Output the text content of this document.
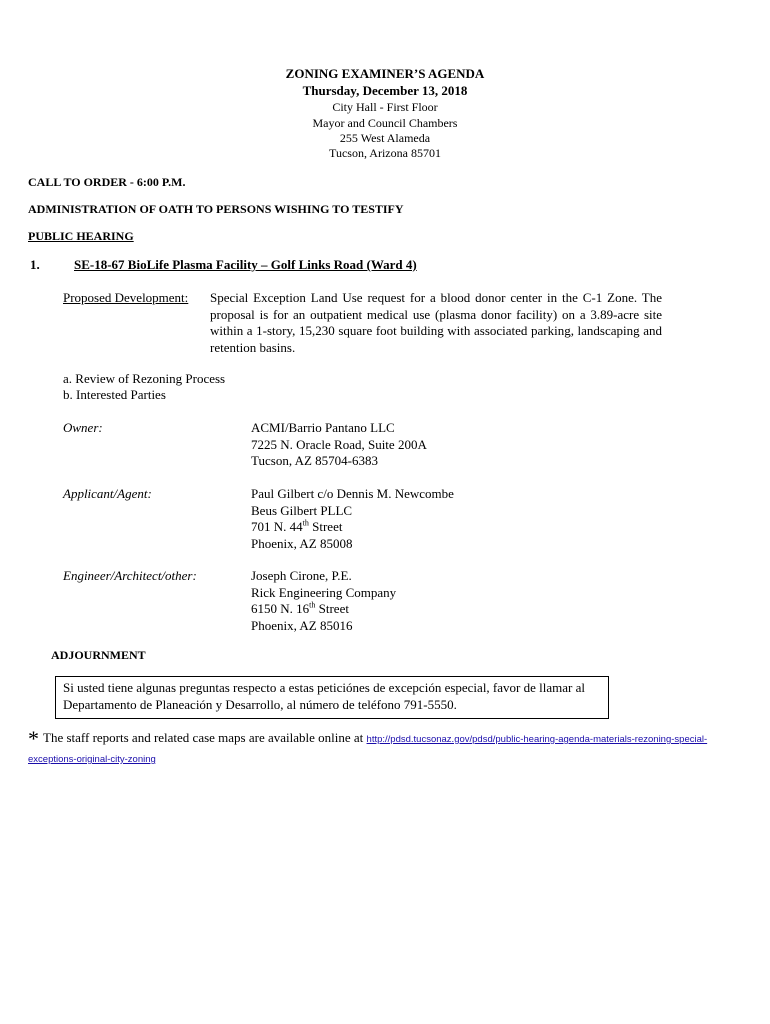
ZONING EXAMINER’S AGENDA
Thursday, December 13, 2018
City Hall - First Floor
Mayor and Council Chambers
255 West Alameda
Tucson, Arizona 85701
CALL TO ORDER - 6:00 P.M.
ADMINISTRATION OF OATH TO PERSONS WISHING TO TESTIFY
PUBLIC HEARING
1.	SE-18-67 BioLife Plasma Facility – Golf Links Road (Ward 4)
Proposed Development: Special Exception Land Use request for a blood donor center in the C-1 Zone. The proposal is for an outpatient medical use (plasma donor facility) on a 3.89-acre site within a 1-story, 15,230 square foot building with associated parking, landscaping and retention basins.
a. Review of Rezoning Process
b. Interested Parties
Owner:	ACMI/Barrio Pantano LLC
7225 N. Oracle Road, Suite 200A
Tucson, AZ 85704-6383
Applicant/Agent:	Paul Gilbert c/o Dennis M. Newcombe
Beus Gilbert PLLC
701 N. 44th Street
Phoenix, AZ 85008
Engineer/Architect/other:	Joseph Cirone, P.E.
Rick Engineering Company
6150 N. 16th Street
Phoenix, AZ 85016
ADJOURNMENT
Si usted tiene algunas preguntas respecto a estas peticiónes de excepción especial, favor de llamar al Departamento de Planeación y Desarrollo, al número de teléfono 791-5550.
* The staff reports and related case maps are available online at http://pdsd.tucsonaz.gov/pdsd/public-hearing-agenda-materials-rezoning-special-exceptions-original-city-zoning
